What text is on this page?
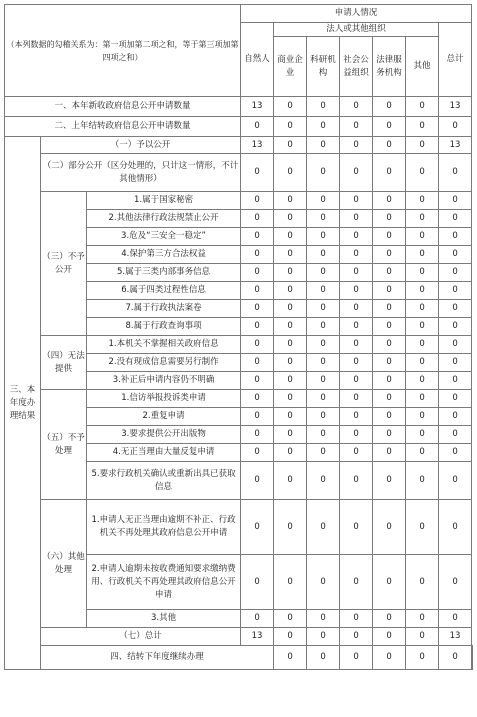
（本列数据的勾稽关系为：第一项加第二项之和，等于第三项加第四项之和）			申请人情况							
			自然人	法人或其他组织					总计	
				商业企业	科研机构	社会公益组织	法律服务机构	其他		
一、本年新收政府信息公开申请数量			13	0	0	0	0	0	13	
二、上年结转政府信息公开申请数量			0	0	0	0	0	0	0	
三、本年度办理结果	（一）予以公开		13	0	0	0	0	0	13	
	（二）部分公开（区分处理的，只计这一情形，不计其他情形）		0	0	0	0	0	0	0	
	（三）不予公开	1.属于国家秘密	0	0	0	0	0	0	0	
		2.其他法律行政法规禁止公开	0	0	0	0	0	0	0	
		3.危及“三安全一稳定”	0	0	0	0	0	0	0	
		4.保护第三方合法权益	0	0	0	0	0	0	0	
		5.属于三类内部事务信息	0	0	0	0	0	0	0	
		6.属于四类过程性信息	0	0	0	0	0	0	0	
		7.属于行政执法案卷	0	0	0	0	0	0	0	
		8.属于行政查询事项	0	0	0	0	0	0	0	
	（四）无法提供	1.本机关不掌握相关政府信息	0	0	0	0	0	0	0	
		2.没有现成信息需要另行制作	0	0	0	0	0	0	0	
		3.补正后申请内容仍不明确	0	0	0	0	0	0	0	
	（五）不予处理	1.信访举报投诉类申请	0	0	0	0	0	0	0	
		2.重复申请	0	0	0	0	0	0	0	
		3.要求提供公开出版物	0	0	0	0	0	0	0	
		4.无正当理由大量反复申请	0	0	0	0	0	0	0	
		5.要求行政机关确认或重新出具已获取信息	0	0	0	0	0	0	0	
	（六）其他处理	1.申请人无正当理由逾期不补正、行政机关不再处理其政府信息公开申请	0	0	0	0	0	0	0	
		2.申请人逾期未按收费通知要求缴纳费用、行政机关不再处理其政府信息公开申请	0	0	0	0	0	0	0	
		3.其他	0	0	0	0	0	0	0	
	（七）总计		13	0	0	0	0	0	13	
	四、结转下年度继续办理			0	0	0	0	0	0	
